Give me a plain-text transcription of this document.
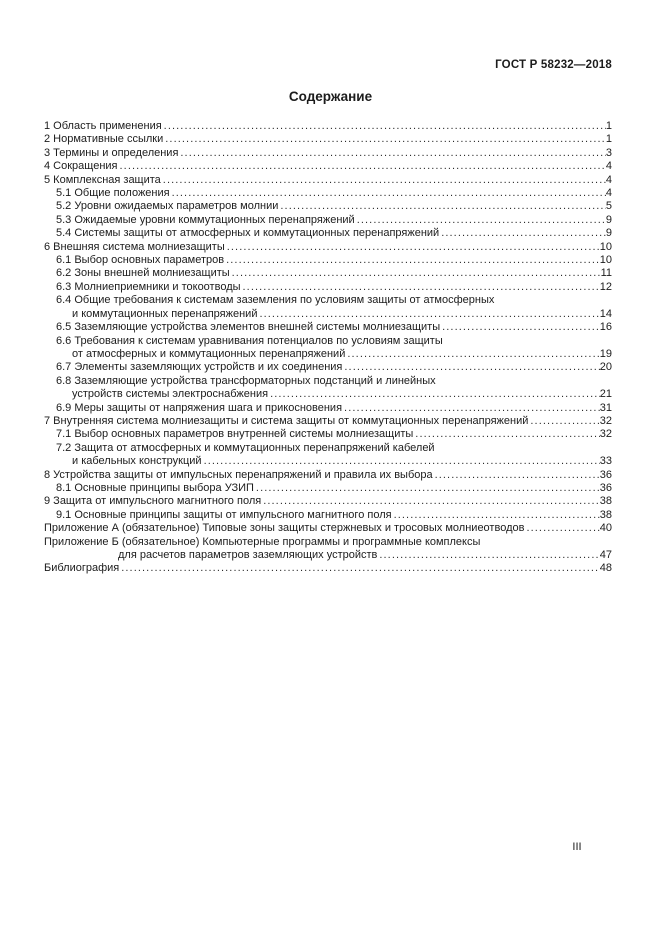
ГОСТ Р 58232—2018
Содержание
1 Область применения .....	1
2 Нормативные ссылки .....	1
3 Термины и определения .....	3
4 Сокращения .....	4
5 Комплексная защита .....	4
5.1 Общие положения .....	4
5.2 Уровни ожидаемых параметров молнии .....	5
5.3 Ожидаемые уровни коммутационных перенапряжений .....	9
5.4 Системы защиты от атмосферных и коммутационных перенапряжений .....	9
6 Внешняя система молниезащиты .....	10
6.1 Выбор основных параметров .....	10
6.2 Зоны внешней молниезащиты .....	11
6.3 Молниеприемники и токоотводы .....	12
6.4 Общие требования к системам заземления по условиям защиты от атмосферных
и коммутационных перенапряжений .....	14
6.5 Заземляющие устройства элементов внешней системы молниезащиты .....	16
6.6 Требования к системам уравнивания потенциалов по условиям защиты
от атмосферных и коммутационных перенапряжений .....	19
6.7 Элементы заземляющих устройств и их соединения .....	20
6.8 Заземляющие устройства трансформаторных подстанций и линейных
устройств системы электроснабжения .....	21
6.9 Меры защиты от напряжения шага и прикосновения .....	31
7 Внутренняя система молниезащиты и система защиты от коммутационных перенапряжений .....	32
7.1 Выбор основных параметров внутренней системы молниезащиты .....	32
7.2 Защита от атмосферных и коммутационных перенапряжений кабелей
и кабельных конструкций .....	33
8 Устройства защиты от импульсных перенапряжений и правила их выбора .....	36
8.1 Основные принципы выбора УЗИП .....	36
9 Защита от импульсного магнитного поля .....	38
9.1 Основные принципы защиты от импульсного магнитного поля .....	38
Приложение А (обязательное) Типовые зоны защиты стержневых и тросовых молниеотводов .....	40
Приложение Б (обязательное) Компьютерные программы и программные комплексы
для расчетов параметров заземляющих устройств .....	47
Библиография .....	48
III
